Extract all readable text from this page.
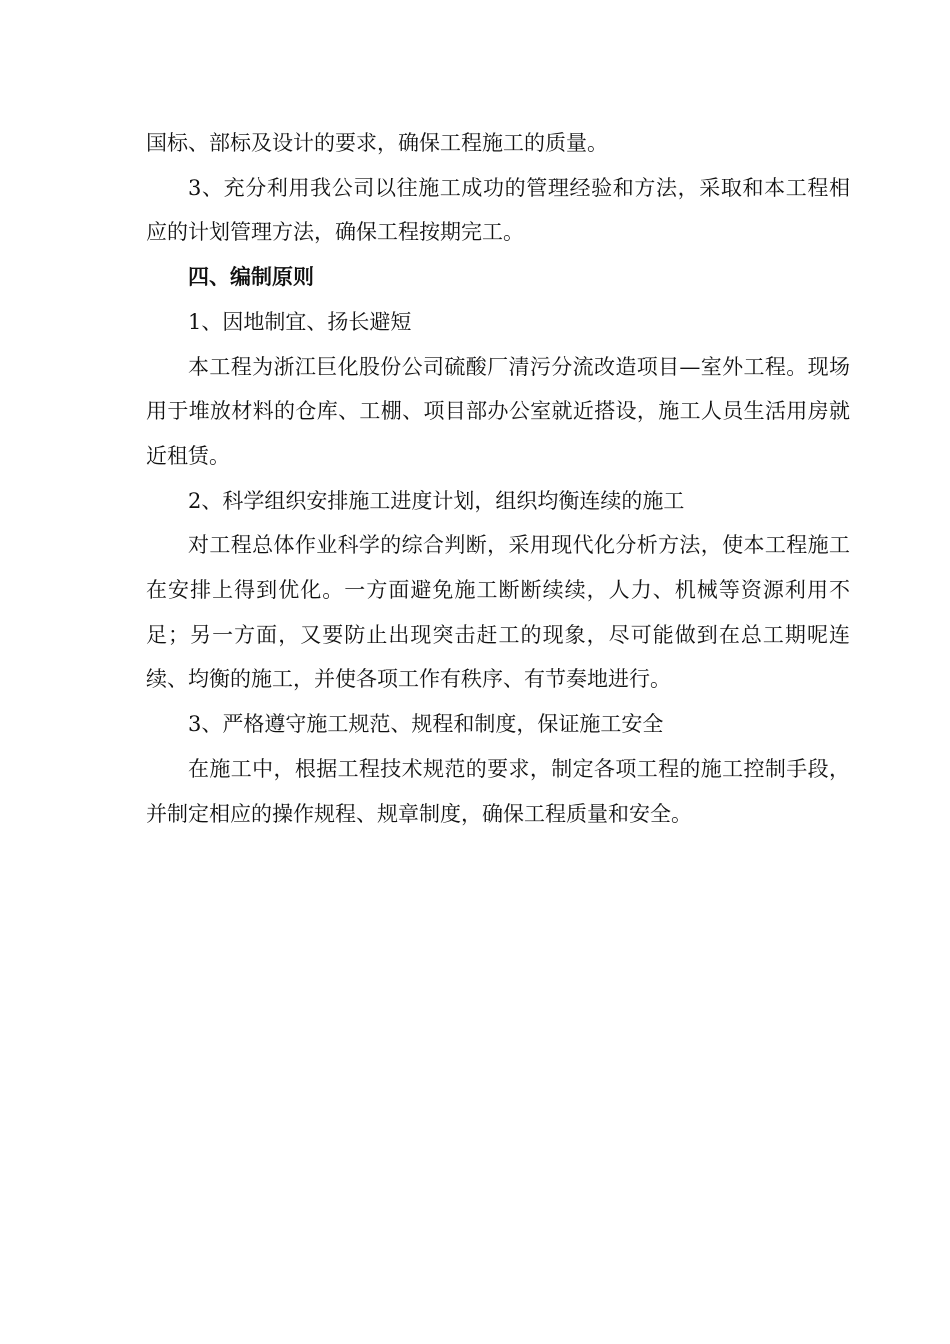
国标、部标及设计的要求，确保工程施工的质量。

3、充分利用我公司以往施工成功的管理经验和方法，采取和本工程相应的计划管理方法，确保工程按期完工。

四、编制原则

1、因地制宜、扬长避短

本工程为浙江巨化股份公司硫酸厂清污分流改造项目—室外工程。现场用于堆放材料的仓库、工棚、项目部办公室就近搭设，施工人员生活用房就近租赁。

2、科学组织安排施工进度计划，组织均衡连续的施工

对工程总体作业科学的综合判断，采用现代化分析方法，使本工程施工在安排上得到优化。一方面避免施工断断续续，人力、机械等资源利用不足；另一方面，又要防止出现突击赶工的现象，尽可能做到在总工期呢连续、均衡的施工，并使各项工作有秩序、有节奏地进行。

3、严格遵守施工规范、规程和制度，保证施工安全

在施工中，根据工程技术规范的要求，制定各项工程的施工控制手段，并制定相应的操作规程、规章制度，确保工程质量和安全。
